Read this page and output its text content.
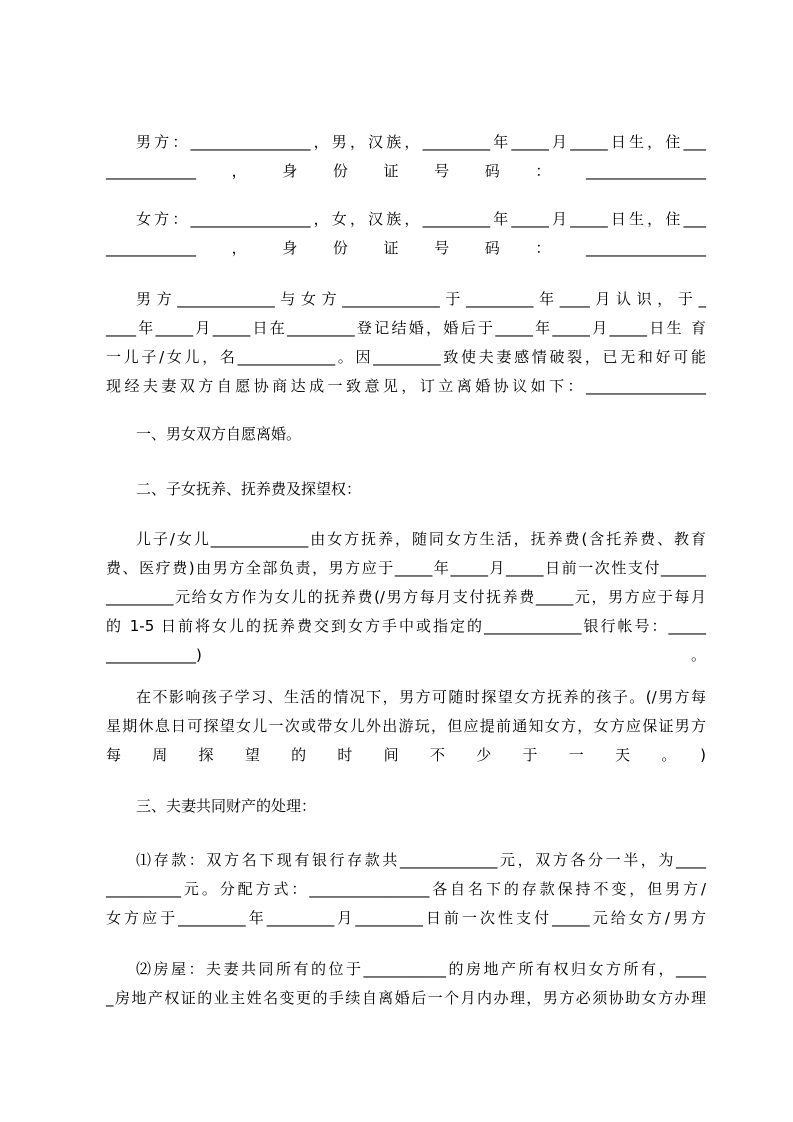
男方：________________，男，汉族，_________年_____月_____日生，住___
____________，身份证号码：________________
女方：________________，女，汉族，_________年_____月_____日生，住___
____________，身份证号码：________________
男方_____________与女方_____________于_________年____月认识，于_
____年_____月_____日在_________登记结婚，婚后于_____年_____月_____日生 育
一儿子/女儿，名_____________。因_________致使夫妻感情破裂，已无和好可能
现经夫妻双方自愿协商达成一致意见，订立离婚协议如下：________________
一、男女双方自愿离婚。
二、子女抚养、抚养费及探望权：
儿子/女儿_____________由女方抚养，随同女方生活，抚养费(含托养费、教育
费、医疗费)由男方全部负责，男方应于_____年_____月_____日前一次性支付______
_________元给女方作为女儿的抚养费(/男方每月支付抚养费_____元，男方应于每月
的 1-5 日前将女儿的抚养费交到女方手中或指定的_____________银行帐号：_____
____________)。
在不影响孩子学习、生活的情况下，男方可随时探望女方抚养的孩子。(/男方每
星期休息日可探望女儿一次或带女儿外出游玩，但应提前通知女方，女方应保证男方
每周探望的时间不少于一天。)
三、夫妻共同财产的处理：
⑴存款：双方名下现有银行存款共_____________元，双方各分一半，为____
__________元。分配方式：________________各自名下的存款保持不变，但男方/
女方应于_________年_________月_________日前一次性支付_____元给女方/男方
⑵房屋：夫妻共同所有的位于___________的房地产所有权归女方所有，____
_房地产权证的业主姓名变更的手续自离婚后一个月内办理，男方必须协助女方办理
